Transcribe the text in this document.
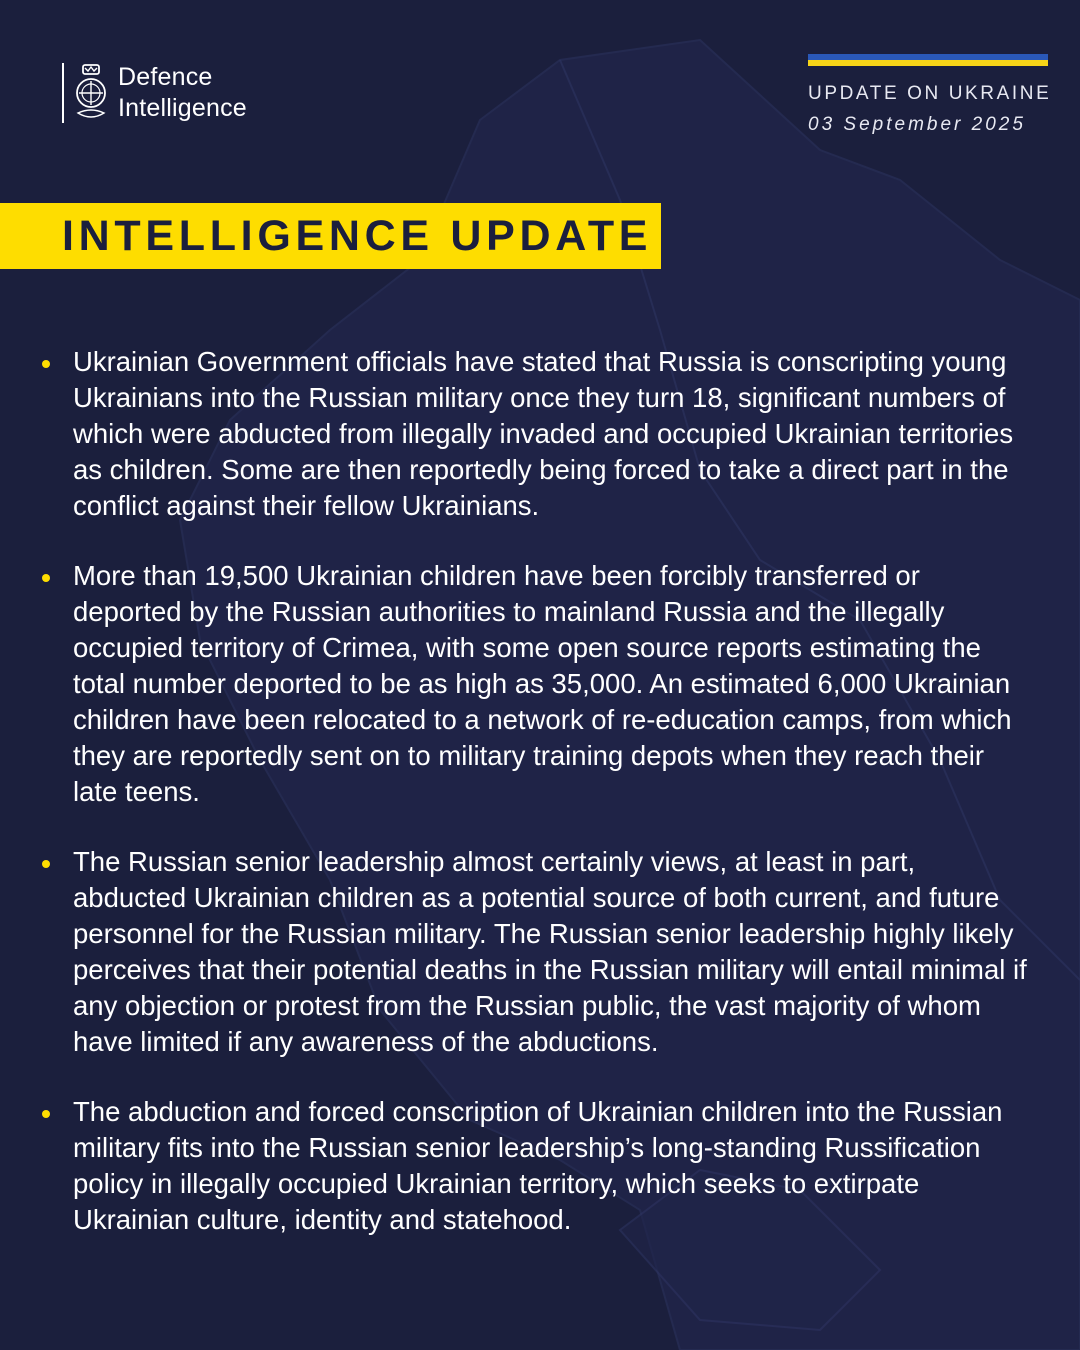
Defence
Intelligence
UPDATE ON UKRAINE
03 September 2025
INTELLIGENCE UPDATE
Ukrainian Government officials have stated that Russia is conscripting young Ukrainians into the Russian military once they turn 18, significant numbers of which were abducted from illegally invaded and occupied Ukrainian territories as children. Some are then reportedly being forced to take a direct part in the conflict against their fellow Ukrainians.
More than 19,500 Ukrainian children have been forcibly transferred or deported by the Russian authorities to mainland Russia and the illegally occupied territory of Crimea, with some open source reports estimating the total number deported to be as high as 35,000. An estimated 6,000 Ukrainian children have been relocated to a network of re-education camps, from which they are reportedly sent on to military training depots when they reach their late teens.
The Russian senior leadership almost certainly views, at least in part, abducted Ukrainian children as a potential source of both current, and future personnel for the Russian military. The Russian senior leadership highly likely perceives that their potential deaths in the Russian military will entail minimal if any objection or protest from the Russian public, the vast majority of whom have limited if any awareness of the abductions.
The abduction and forced conscription of Ukrainian children into the Russian military fits into the Russian senior leadership’s long-standing Russification policy in illegally occupied Ukrainian territory, which seeks to extirpate Ukrainian culture, identity and statehood.
